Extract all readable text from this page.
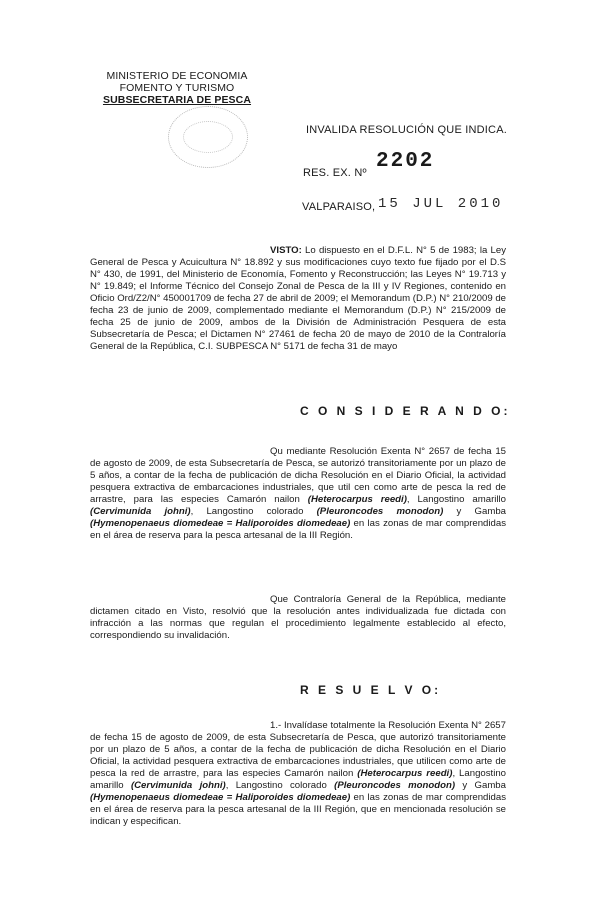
MINISTERIO DE ECONOMIA
FOMENTO Y TURISMO
SUBSECRETARIA DE PESCA
INVALIDA RESOLUCIÓN QUE INDICA.
RES. EX. Nº 2202
VALPARAISO, 15 JUL 2010
VISTO: Lo dispuesto en el D.F.L. N° 5 de 1983; la Ley General de Pesca y Acuicultura N° 18.892 y sus modificaciones cuyo texto fue fijado por el D.S N° 430, de 1991, del Ministerio de Economía, Fomento y Reconstrucción; las Leyes N° 19.713 y N° 19.849; el Informe Técnico del Consejo Zonal de Pesca de la III y IV Regiones, contenido en Oficio Ord/Z2/N° 450001709 de fecha 27 de abril de 2009; el Memorandum (D.P.) N° 210/2009 de fecha 23 de junio de 2009, complementado mediante el Memorandum (D.P.) N° 215/2009 de fecha 25 de junio de 2009, ambos de la División de Administración Pesquera de esta Subsecretaría de Pesca; el Dictamen N° 27461 de fecha 20 de mayo de 2010 de la Contraloría General de la República, C.I. SUBPESCA N° 5171 de fecha 31 de mayo
C O N S I D E R A N D O:
Qu mediante Resolución Exenta N° 2657 de fecha 15 de agosto de 2009, de esta Subsecretaría de Pesca, se autorizó transitoriamente por un plazo de 5 años, a contar de la fecha de publicación de dicha Resolución en el Diario Oficial, la actividad pesquera extractiva de embarcaciones industriales, que util cen como arte de pesca la red de arrastre, para las especies Camarón nailon (Heterocarpus reedi), Langostino amarillo (Cervimunida johni), Langostino colorado (Pleuroncodes monodon) y Gamba (Hymenopenaeus diomedeae = Haliporoides diomedeae) en las zonas de mar comprendidas en el área de reserva para la pesca artesanal de la III Región.
Que Contraloría General de la República, mediante dictamen citado en Visto, resolvió que la resolución antes individualizada fue dictada con infracción a las normas que regulan el procedimiento legalmente establecido al efecto, correspondiendo su invalidación.
R E S U E L V O:
1.- Invalídase totalmente la Resolución Exenta N° 2657 de fecha 15 de agosto de 2009, de esta Subsecretaría de Pesca, que autorizó transitoriamente por un plazo de 5 años, a contar de la fecha de publicación de dicha Resolución en el Diario Oficial, la actividad pesquera extractiva de embarcaciones industriales, que utilicen como arte de pesca la red de arrastre, para las especies Camarón nailon (Heterocarpus reedi), Langostino amarillo (Cervimunida johni), Langostino colorado (Pleuroncodes monodon) y Gamba (Hymenopenaeus diomedeae = Haliporoides diomedeae) en las zonas de mar comprendidas en el área de reserva para la pesca artesanal de la III Región, que en mencionada resolución se indican y especifican.
